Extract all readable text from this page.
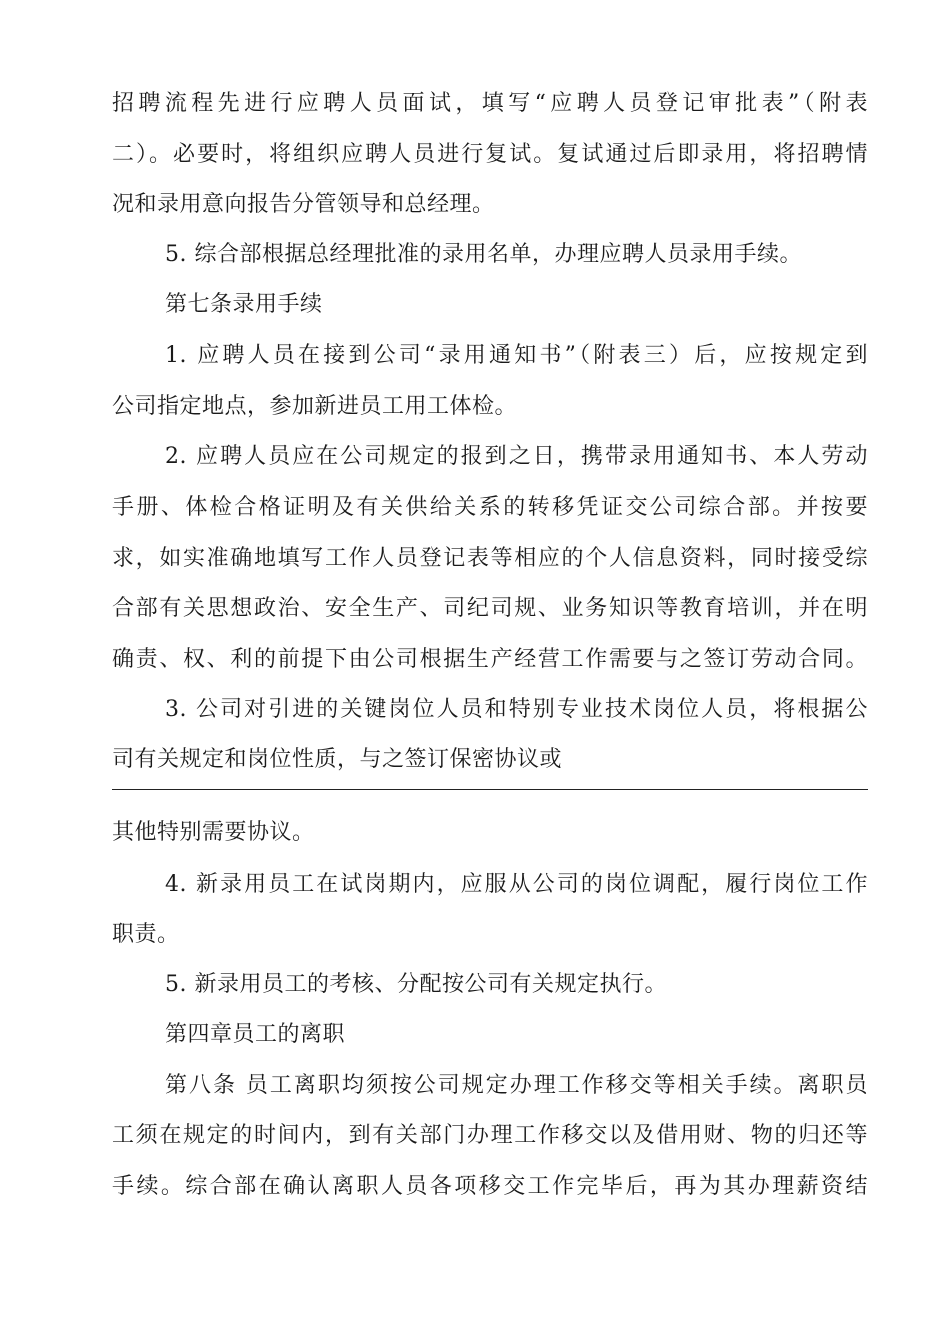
招聘流程先进行应聘人员面试，填写“应聘人员登记审批表”（附表
二）。必要时，将组织应聘人员进行复试。复试通过后即录用，将招聘情
况和录用意向报告分管领导和总经理。
5. 综合部根据总经理批准的录用名单，办理应聘人员录用手续。
第七条录用手续
1. 应聘人员在接到公司“录用通知书”（附表三）后，应按规定到
公司指定地点，参加新进员工用工体检。
2. 应聘人员应在公司规定的报到之日，携带录用通知书、本人劳动
手册、体检合格证明及有关供给关系的转移凭证交公司综合部。并按要
求，如实准确地填写工作人员登记表等相应的个人信息资料，同时接受综
合部有关思想政治、安全生产、司纪司规、业务知识等教育培训，并在明
确责、权、利的前提下由公司根据生产经营工作需要与之签订劳动合同。
3. 公司对引进的关键岗位人员和特别专业技术岗位人员，将根据公
司有关规定和岗位性质，与之签订保密协议或
其他特别需要协议。
4. 新录用员工在试岗期内，应服从公司的岗位调配，履行岗位工作
职责。
5. 新录用员工的考核、分配按公司有关规定执行。
第四章员工的离职
第八条 员工离职均须按公司规定办理工作移交等相关手续。离职员
工须在规定的时间内，到有关部门办理工作移交以及借用财、物的归还等
手续。综合部在确认离职人员各项移交工作完毕后，再为其办理薪资结
